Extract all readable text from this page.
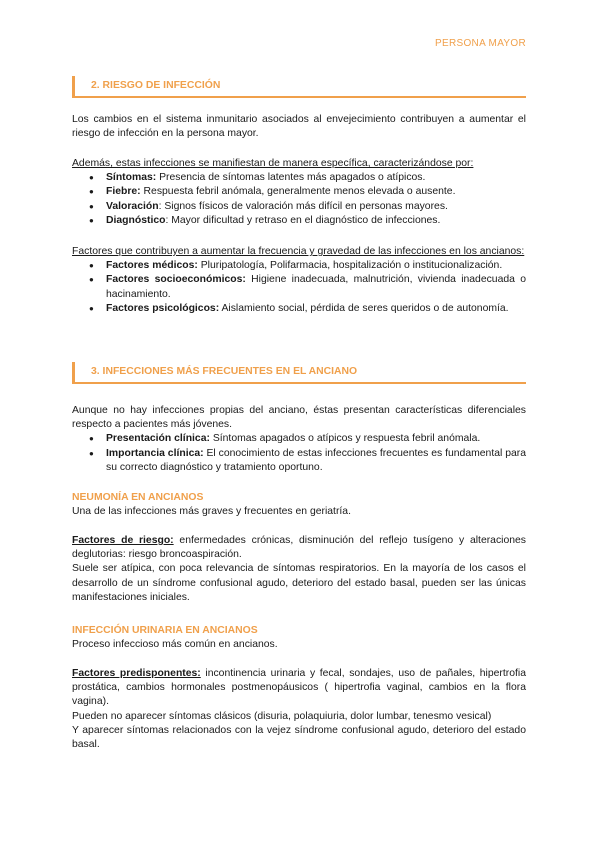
PERSONA MAYOR
2. RIESGO DE INFECCIÓN

Los cambios en el sistema inmunitario asociados al envejecimiento contribuyen a aumentar el riesgo de infección en la persona mayor.

Además, estas infecciones se manifiestan de manera específica, caracterizándose por:

● Síntomas: Presencia de síntomas latentes más apagados o atípicos.
● Fiebre: Respuesta febril anómala, generalmente menos elevada o ausente.
● Valoración: Signos físicos de valoración más difícil en personas mayores.
● Diagnóstico: Mayor dificultad y retraso en el diagnóstico de infecciones.

Factores que contribuyen a aumentar la frecuencia y gravedad de las infecciones en los ancianos:

● Factores médicos: Pluripatología, Polifarmacia, hospitalización o institucionalización.
● Factores socioeconómicos: Higiene inadecuada, malnutrición, vivienda inadecuada o hacinamiento.
● Factores psicológicos: Aislamiento social, pérdida de seres queridos o de autonomía.
3. INFECCIONES MÁS FRECUENTES EN EL ANCIANO

Aunque no hay infecciones propias del anciano, éstas presentan características diferenciales respecto a pacientes más jóvenes.

● Presentación clínica: Síntomas apagados o atípicos y respuesta febril anómala.
● Importancia clínica: El conocimiento de estas infecciones frecuentes es fundamental para su correcto diagnóstico y tratamiento oportuno.

NEUMONÍA EN ANCIANOS

Una de las infecciones más graves y frecuentes en geriatría.

Factores de riesgo: enfermedades crónicas, disminución del reflejo tusígeno y alteraciones deglutorias: riesgo broncoaspiración.

Suele ser atípica, con poca relevancia de síntomas respiratorios. En la mayoría de los casos el desarrollo de un síndrome confusional agudo, deterioro del estado basal, pueden ser las únicas manifestaciones iniciales.

INFECCIÓN URINARIA EN ANCIANOS

Proceso infeccioso más común en ancianos.

Factores predisponentes: incontinencia urinaria y fecal, sondajes, uso de pañales, hipertrofia prostática, cambios hormonales postmenopáusicos ( hipertrofia vaginal, cambios en la flora vagina).

Pueden no aparecer síntomas clásicos (disuria, polaquiuria, dolor lumbar, tenesmo vesical)

Y aparecer síntomas relacionados con la vejez síndrome confusional agudo, deterioro del estado basal.
